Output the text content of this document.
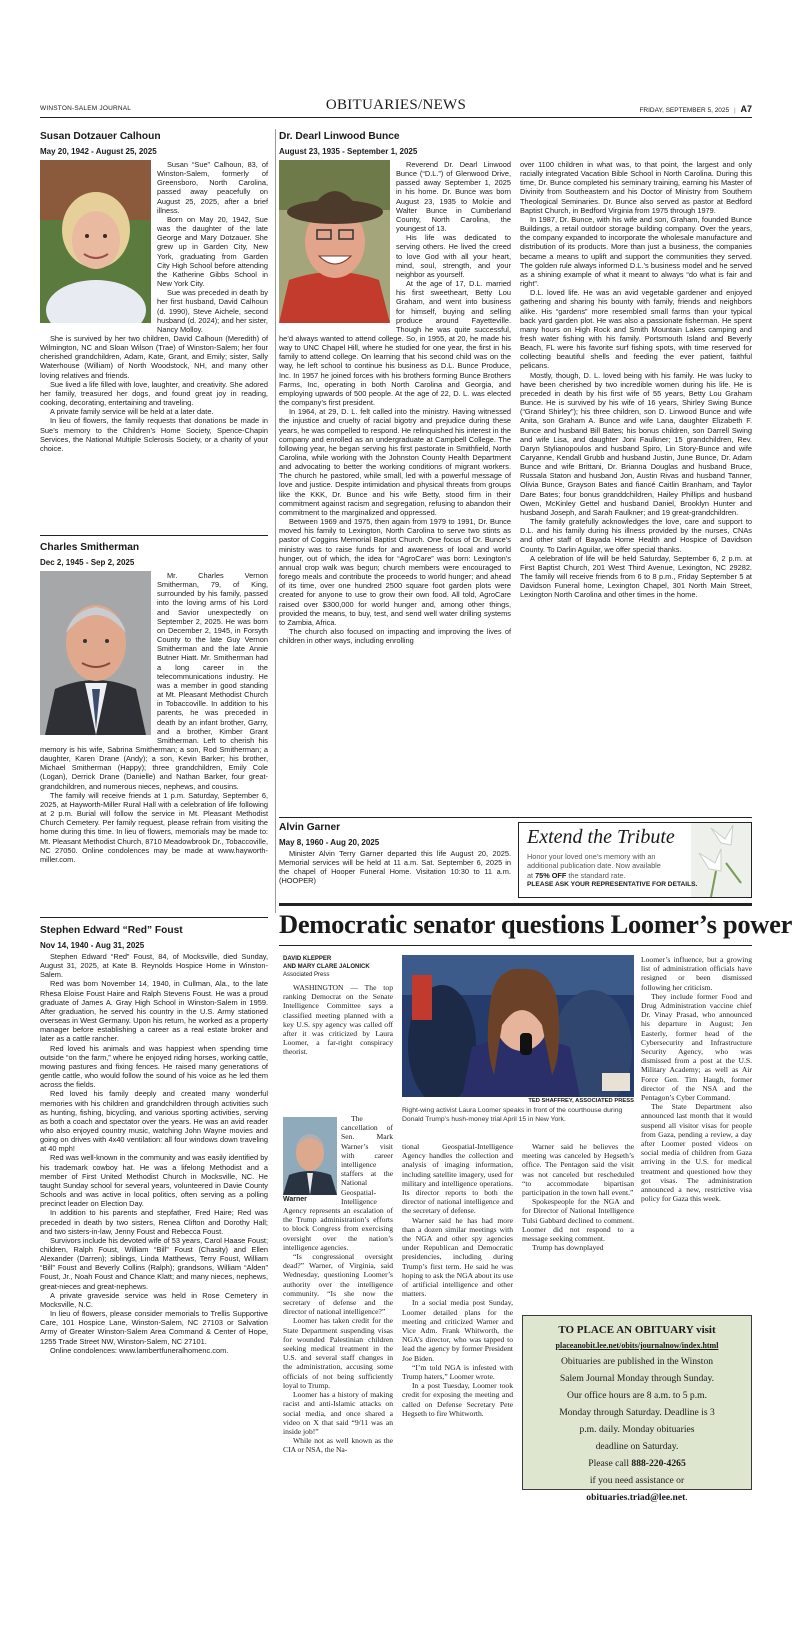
WINSTON-SALEM JOURNAL	OBITUARIES/NEWS	FRIDAY, SEPTEMBER 5, 2025 | A7
Susan Dotzauer Calhoun
May 20, 1942 - August 25, 2025

Susan “Sue” Calhoun, 83, of Winston-Salem, formerly of Greensboro, North Carolina, passed away peacefully on August 25, 2025, after a brief illness.

Born on May 20, 1942, Sue was the daughter of the late George and Mary Dotzauer. She grew up in Garden City, New York, graduating from Garden City High School before attending the Katherine Gibbs School in New York City.

Sue was preceded in death by her first husband, David Calhoun (d. 1990), Steve Aichele, second husband (d. 2024); and her sister, Nancy Molloy.

She is survived by her two children, David Calhoun (Meredith) of Wilmington, NC and Sloan Wilson (Trae) of Winston-Salem; her four cherished grandchildren, Adam, Kate, Grant, and Emily; sister, Sally Waterhouse (William) of North Woodstock, NH, and many other loving relatives and friends.

Sue lived a life filled with love, laughter, and creativity. She adored her family, treasured her dogs, and found great joy in reading, cooking, decorating, entertaining and traveling.

A private family service will be held at a later date.

In lieu of flowers, the family requests that donations be made in Sue’s memory to the Children’s Home Society, Spence-Chapin Services, the National Multiple Sclerosis Society, or a charity of your choice.

Charles Smitherman
Dec 2, 1945 - Sep 2, 2025

Mr. Charles Vernon Smitherman, 79, of King, surrounded by his family, passed into the loving arms of his Lord and Savior unexpectedly on September 2, 2025. He was born on December 2, 1945, in Forsyth County to the late Guy Vernon Smitherman and the late Annie Butner Hiatt. Mr. Smitherman had a long career in the telecommunications industry. He was a member in good standing at Mt. Pleasant Methodist Church in Tobaccoville. In addition to his parents, he was preceded in death by an infant brother, Garry, and a brother, Kimber Grant Smitherman. Left to cherish his memory is his wife, Sabrina Smitherman; a son, Rod Smitherman; a daughter, Karen Drane (Andy); a son, Kevin Barker; his brother, Michael Smitherman (Happy); three grandchildren, Emily Cole (Logan), Derrick Drane (Danielle) and Nathan Barker, four great-grandchildren, and numerous nieces, nephews, and cousins.

The family will receive friends at 1 p.m. Saturday, September 6, 2025, at Hayworth-Miller Rural Hall with a celebration of life following at 2 p.m. Burial will follow the service in Mt. Pleasant Methodist Church Cemetery. Per family request, please refrain from visiting the home during this time. In lieu of flowers, memorials may be made to: Mt. Pleasant Methodist Church, 8710 Meadowbrook Dr., Tobaccoville, NC 27050. Online condolences may be made at www.hayworth-miller.com.

Stephen Edward “Red” Foust
Nov 14, 1940 - Aug 31, 2025

Stephen Edward “Red” Foust, 84, of Mocksville, died Sunday, August 31, 2025, at Kate B. Reynolds Hospice Home in Winston-Salem.

Red was born November 14, 1940, in Cullman, Ala., to the late Rhesa Eloise Foust Haire and Ralph Stevens Foust. He was a proud graduate of James A. Gray High School in Winston-Salem in 1959. After graduation, he served his country in the U.S. Army stationed overseas in West Germany. Upon his return, he worked as a property manager before establishing a career as a real estate broker and later as a cattle rancher.

Red loved his animals and was happiest when spending time outside “on the farm,” where he enjoyed riding horses, working cattle, mowing pastures and fixing fences. He raised many generations of gentle cattle, who would follow the sound of his voice as he led them across the fields.

Red loved his family deeply and created many wonderful memories with his children and grandchildren through activities such as hunting, fishing, bicycling, and various sporting activities, serving as both a coach and spectator over the years. He was an avid reader who also enjoyed country music, watching John Wayne movies and going on drives with 4x40 ventilation: all four windows down traveling at 40 mph!

Red was well-known in the community and was easily identified by his trademark cowboy hat. He was a lifelong Methodist and a member of First United Methodist Church in Mocksville, NC. He taught Sunday school for several years, volunteered in Davie County Schools and was active in local politics, often serving as a polling precinct leader on Election Day.

In addition to his parents and stepfather, Fred Haire; Red was preceded in death by two sisters, Renea Clifton and Dorothy Hall; and two sisters-in-law, Jenny Foust and Rebecca Foust.

Survivors include his devoted wife of 53 years, Carol Haase Foust; children, Ralph Foust, William “Bill” Foust (Chasity) and Ellen Alexander (Darren); siblings, Linda Matthews, Terry Foust, William “Bill” Foust and Beverly Collins (Ralph); grandsons, William “Alden” Foust, Jr., Noah Foust and Chance Klatt; and many nieces, nephews, great-nieces and great-nephews.

A private graveside service was held in Rose Cemetery in Mocksville, N.C.

In lieu of flowers, please consider memorials to Trellis Supportive Care, 101 Hospice Lane, Winston-Salem, NC 27103 or Salvation Army of Greater Winston-Salem Area Command & Center of Hope, 1255 Trade Street NW, Winston-Salem, NC 27101.

Online condolences: www.lambertfuneralhomenc.com.

Dr. Dearl Linwood Bunce
August 23, 1935 - September 1, 2025

Reverend Dr. Dearl Linwood Bunce (“D.L.”) of Glenwood Drive, passed away September 1, 2025 in his home. Dr. Bunce was born August 23, 1935 to Molcie and Walter Bunce in Cumberland County, North Carolina, the youngest of 13.

His life was dedicated to serving others. He lived the creed to love God with all your heart, mind, soul, strength, and your neighbor as yourself.

At the age of 17, D.L. married his first sweetheart, Betty Lou Graham, and went into business for himself, buying and selling produce around Fayetteville. Though he was quite successful, he’d always wanted to attend college. So, in 1955, at 20, he made his way to UNC Chapel Hill, where he studied for one year, the first in his family to attend college. On learning that his second child was on the way, he left school to continue his business as D.L. Bunce Produce, Inc. In 1957 he joined forces with his brothers forming Bunce Brothers Farms, Inc, operating in both North Carolina and Georgia, and employing upwards of 500 people. At the age of 22, D. L. was elected the company’s first president.

In 1964, at 29, D. L. felt called into the ministry. Having witnessed the injustice and cruelty of racial bigotry and prejudice during these years, he was compelled to respond. He relinquished his interest in the company and enrolled as an undergraduate at Campbell College. The following year, he began serving his first pastorate in Smithfield, North Carolina, while working with the Johnston County Health Department and advocating to better the working conditions of migrant workers. The church he pastored, while small, led with a powerful message of love and justice. Despite intimidation and physical threats from groups like the KKK, Dr. Bunce and his wife Betty, stood firm in their commitment against racism and segregation, refusing to abandon their commitment to the marginalized and oppressed.

Between 1969 and 1975, then again from 1979 to 1991, Dr. Bunce moved his family to Lexington, North Carolina to serve two stints as pastor of Coggins Memorial Baptist Church. One focus of Dr. Bunce’s ministry was to raise funds for and awareness of local and world hunger, out of which, the idea for “AgroCare” was born: Lexington’s annual crop walk was begun; church members were encouraged to forego meals and contribute the proceeds to world hunger; and ahead of its time, over one hundred 2500 square foot garden plots were created for anyone to use to grow their own food. All told, AgroCare raised over $300,000 for world hunger and, among other things, provided the means, to buy, test, and send well water drilling systems to Zambia, Africa.

The church also focused on impacting and improving the lives of children in other ways, including enrolling

over 1100 children in what was, to that point, the largest and only racially integrated Vacation Bible School in North Carolina. During this time, Dr. Bunce completed his seminary training, earning his Master of Divinity from Southeastern and his Doctor of Ministry from Southern Theological Seminaries. Dr. Bunce also served as pastor at Bedford Baptist Church, in Bedford Virginia from 1975 through 1979.

In 1987, Dr. Bunce, with his wife and son, Graham, founded Bunce Buildings, a retail outdoor storage building company. Over the years, the company expanded to incorporate the wholesale manufacture and distribution of its products. More than just a business, the companies became a means to uplift and support the communities they served. The golden rule always informed D.L.’s business model and he served as a shining example of what it meant to always “do what is fair and right”.

D.L. loved life. He was an avid vegetable gardener and enjoyed gathering and sharing his bounty with family, friends and neighbors alike. His “gardens” more resembled small farms than your typical back yard garden plot. He was also a passionate fisherman. He spent many hours on High Rock and Smith Mountain Lakes camping and fresh water fishing with his family. Portsmouth Island and Beverly Beach, FL were his favorite surf fishing spots, with time reserved for collecting beautiful shells and feeding the ever patient, faithful pelicans.

Mostly, though, D. L. loved being with his family. He was lucky to have been cherished by two incredible women during his life. He is preceded in death by his first wife of 55 years, Betty Lou Graham Bunce. He is survived by his wife of 16 years, Shirley Swing Bunce (“Grand Shirley”); his three children, son D. Linwood Bunce and wife Anita, son Graham A. Bunce and wife Lana, daughter Elizabeth F. Bunce and husband Bill Bates; his bonus children, son Darrell Swing and wife Lisa, and daughter Joni Faulkner; 15 grandchildren, Rev. Daryn Stylianopoulos and husband Spiro, Lin Story-Bunce and wife Caryanne, Kendall Grubb and husband Justin, June Bunce, Dr. Adam Bunce and wife Brittani, Dr. Brianna Douglas and husband Bruce, Russala Staton and husband Jon, Austin Rivas and husband Tanner, Olivia Bunce, Grayson Bates and fiancé Caitlin Branham, and Taylor Dare Bates; four bonus granddchildren, Hailey Phillips and husband Owen, McKinley Gettel and husband Daniel, Brooklyn Hunter and husband Joseph, and Sarah Faulkner; and 19 great-grandchildren.

The family gratefully acknowledges the love, care and support to D.L. and his family during his illness provided by the nurses, CNAs and other staff of Bayada Home Health and Hospice of Davidson County. To Darlin Aguilar, we offer special thanks.

A celebration of life will be held Saturday, September 6, 2 p.m. at First Baptist Church, 201 West Third Avenue, Lexington, NC 29282. The family will receive friends from 6 to 8 p.m., Friday September 5 at Davidson Funeral home, Lexington Chapel, 301 North Main Street, Lexington North Carolina and other times in the home.

Alvin Garner
May 8, 1960 - Aug 20, 2025

Minister Alvin Terry Garner departed this life August 20, 2025. Memorial services will be held at 11 a.m. Sat. September 6, 2025 in the chapel of Hooper Funeral Home. Visitation 10:30 to 11 a.m. (HOOPER)

Extend the Tribute
Honor your loved one’s memory with an
additional publication date. Now available
at 75% OFF the standard rate.
PLEASE ASK YOUR REPRESENTATIVE FOR DETAILS.
Democratic senator questions Loomer’s power
DAVID KLEPPER
AND MARY CLARE JALONICK
Associated Press

WASHINGTON — The top ranking Democrat on the Senate Intelligence Committee says a classified meeting planned with a key U.S. spy agency was called off after it was criticized by Laura Loomer, a far-right conspiracy theorist.

Warner

The cancellation of Sen. Mark Warner’s visit with career intelligence staffers at the National Geospatial-Intelligence Agency represents an escalation of the Trump administration’s efforts to block Congress from exercising oversight over the nation’s intelligence agencies.

“Is congressional oversight dead?” Warner, of Virginia, said Wednesday, questioning Loomer’s authority over the intelligence community. “Is she now the secretary of defense and the director of national intelligence?”

Loomer has taken credit for the State Department suspending visas for wounded Palestinian children seeking medical treatment in the U.S. and several staff changes in the administration, accusing some officials of not being sufficiently loyal to Trump.

Loomer has a history of making racist and anti-Islamic attacks on social media, and once shared a video on X that said “9/11 was an inside job!”

While not as well known as the CIA or NSA, the Na-

TED SHAFFREY, ASSOCIATED PRESS
Right-wing activist Laura Loomer speaks in front of the courthouse during Donald Trump’s hush-money trial April 15 in New York.

tional Geospatial-Intelligence Agency handles the collection and analysis of imaging information, including satellite imagery, used for military and intelligence operations. Its director reports to both the director of national intelligence and the secretary of defense.

Warner said he has had more than a dozen similar meetings with the NGA and other spy agencies under Republican and Democratic presidencies, including during Trump’s first term. He said he was hoping to ask the NGA about its use of artificial intelligence and other matters.

In a social media post Sunday, Loomer detailed plans for the meeting and criticized Warner and Vice Adm. Frank Whitworth, the NGA’s director, who was tapped to lead the agency by former President Joe Biden.

“I’m told NGA is infested with Trump haters,” Loomer wrote.

In a post Tuesday, Loomer took credit for exposing the meeting and called on Defense Secretary Pete Hegseth to fire Whitworth.

Warner said he believes the meeting was canceled by Hegseth’s office. The Pentagon said the visit was not canceled but rescheduled “to accommodate bipartisan participation in the town hall event.”

Spokespeople for the NGA and for Director of National Intelligence Tulsi Gabbard declined to comment. Loomer did not respond to a message seeking comment.

Trump has downplayed

Loomer’s influence, but a growing list of administration officials have resigned or been dismissed following her criticism.

They include former Food and Drug Administration vaccine chief Dr. Vinay Prasad, who announced his departure in August; Jen Easterly, former head of the Cybersecurity and Infrastructure Security Agency, who was dismissed from a post at the U.S. Military Academy; as well as Air Force Gen. Tim Haugh, former director of the NSA and the Pentagon’s Cyber Command.

The State Department also announced last month that it would suspend all visitor visas for people from Gaza, pending a review, a day after Loomer posted videos on social media of children from Gaza arriving in the U.S. for medical treatment and questioned how they got visas. The administration announced a new, restrictive visa policy for Gaza this week.

TO PLACE AN OBITUARY visit
placeanobit.lee.net/obits/journalnow/index.html
Obituaries are published in the Winston
Salem Journal Monday through Sunday.
Our office hours are 8 a.m. to 5 p.m.
Monday through Saturday. Deadline is 3
p.m. daily. Monday obituaries
deadline on Saturday.
Please call 888-220-4265
if you need assistance or
obituaries.triad@lee.net.
